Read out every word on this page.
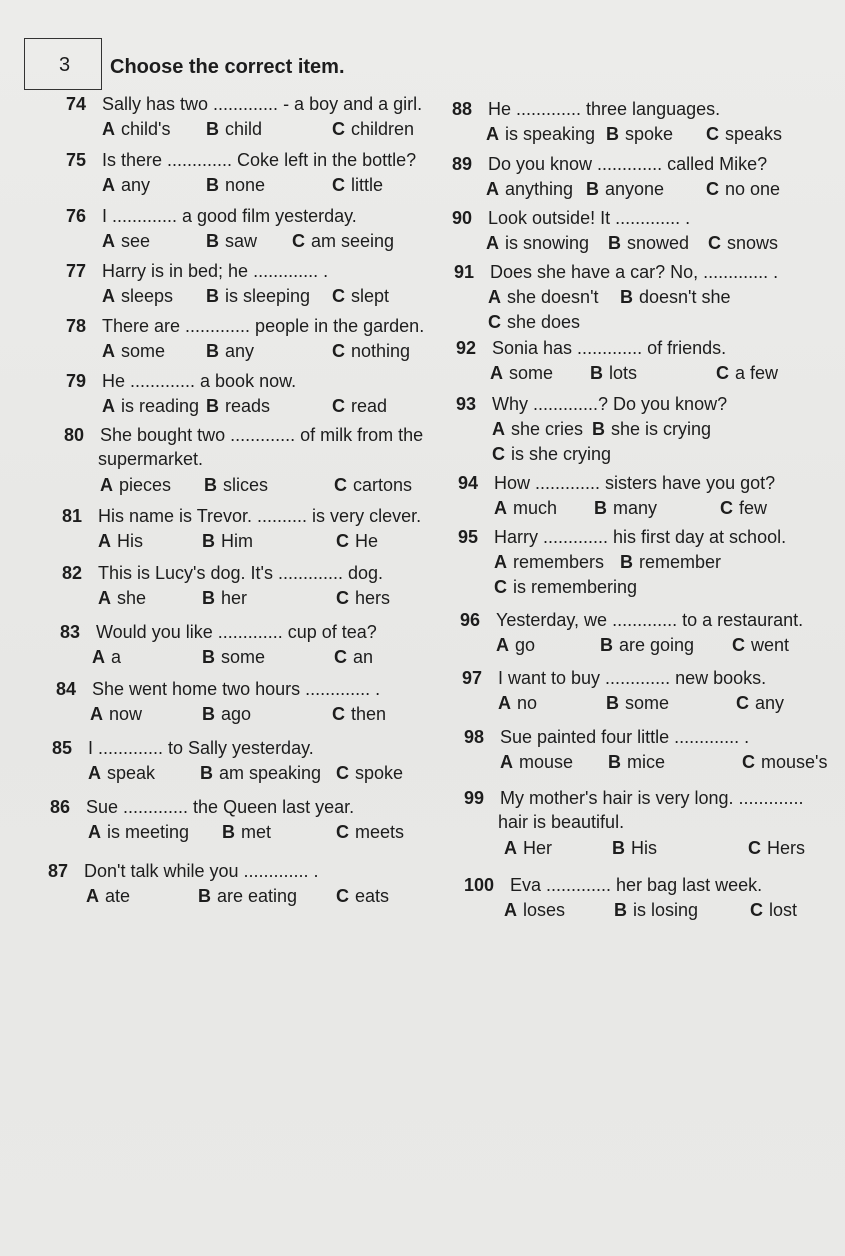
3 Choose the correct item.
74 Sally has two ............. - a boy and a girl.
A child's B child	C children
75 Is there ............. Coke left in the bottle?
A any	B none	C little
76 I ............. a good film yesterday.
A see	B saw C am seeing
77 Harry is in bed; he ............. .
A sleeps B is sleeping C slept
78 There are ............. people in the garden.
A some B any	C nothing
79 He ............. a book now.
A is reading B reads	C read
80 She bought two ............. of milk from the
supermarket.
A pieces B slices	C cartons
81 His name is Trevor. .......... is very clever.
A His	B Him	C He
82 This is Lucy's dog. It's ............. dog.
A she	B her	C hers
83 Would you like ............. cup of tea?
A a	B some	C an
84 She went home two hours ............. .
A now	B ago	C then
85 I ............. to Sally yesterday.
A speak B am speaking C spoke
86 Sue ............. the Queen last year.
A is meeting B met	C meets
87 Don't talk while you ............. .
A ate	B are eating C eats
88 He ............. three languages.
A is speaking B spoke C speaks
89 Do you know ............. called Mike?
A anything B anyone C no one
90 Look outside! It ............. .
A is snowing B snowed C snows
91 Does she have a car? No, ............. .
A she doesn't B doesn't she
C she does
92 Sonia has ............. of friends.
A some B lots	C a few
93 Why .............? Do you know?
A she cries B she is crying
C is she crying
94 How ............. sisters have you got?
A much B many	C few
95 Harry ............. his first day at school.
A remembers B remember
C is remembering
96 Yesterday, we ............. to a restaurant.
A go	B are going C went
97 I want to buy ............. new books.
A no	B some	C any
98 Sue painted four little ............. .
A mouse B mice	C mouse's
99 My mother's hair is very long. .............
hair is beautiful.
A Her	B His	C Hers
100 Eva ............. her bag last week.
A loses	B is losing	C lost
